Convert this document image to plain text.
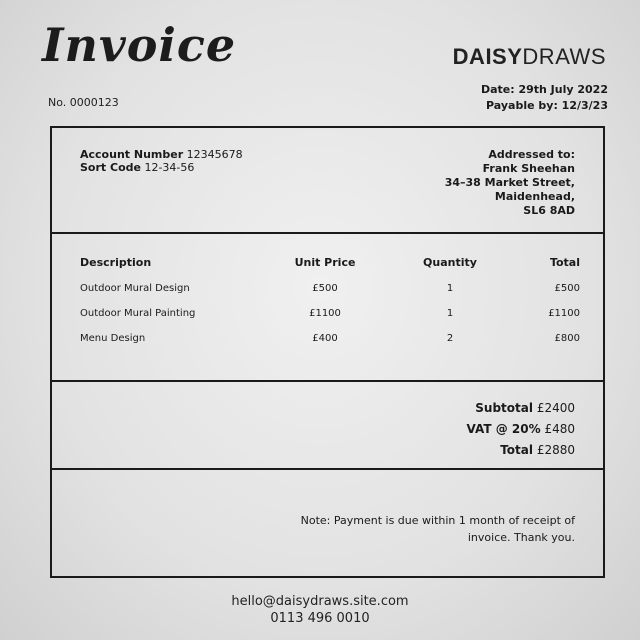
Invoice	DAISYDRAWS
No. 0000123
Date: 29th July 2022
Payable by: 12/3/23
Account Number 12345678
Sort Code 12-34-56
Addressed to:
Frank Sheehan
34–38 Market Street,
Maidenhead,
SL6 8AD
Description	Unit Price	Quantity	Total
Outdoor Mural Design	£500	1	£500
Outdoor Mural Painting	£1100	1	£1100
Menu Design	£400	2	£800
Subtotal £2400
VAT @ 20% £480
Total £2880
Note: Payment is due within 1 month of receipt of
invoice. Thank you.
hello@daisydraws.site.com
0113 496 0010
